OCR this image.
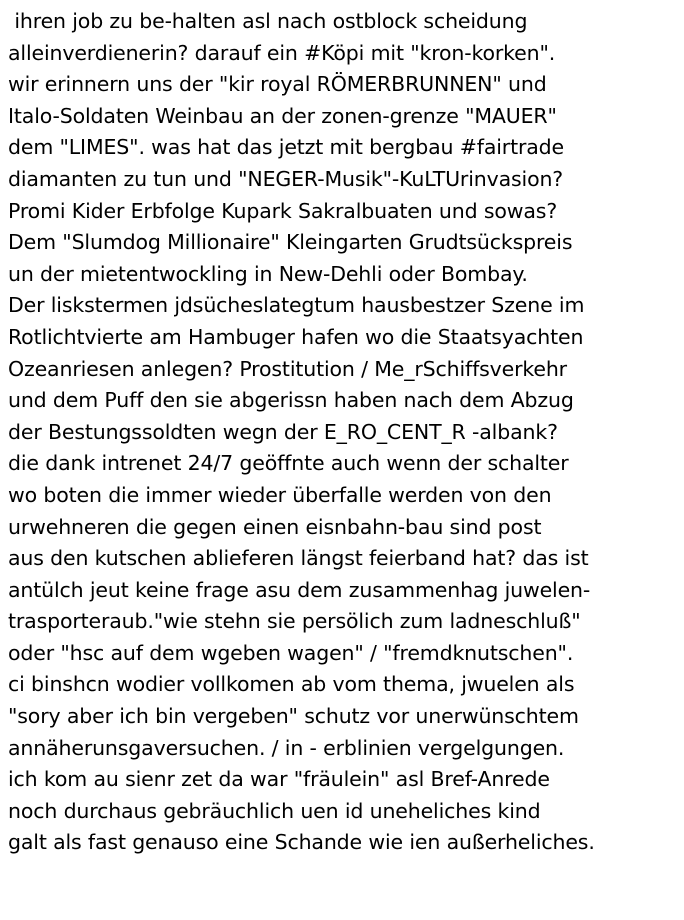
ihren job zu be-halten asl nach ostblock scheidung
alleinverdienerin? darauf ein #Köpi mit "kron-korken".
wir erinnern uns der "kir royal RÖMERBRUNNEN" und
Italo-Soldaten Weinbau an der zonen-grenze "MAUER"
dem "LIMES". was hat das jetzt mit bergbau #fairtrade
diamanten zu tun und "NEGER-Musik"-KuLTUrinvasion?
Promi Kider Erbfolge Kupark Sakralbuaten und sowas?
Dem "Slumdog Millionaire" Kleingarten Grudtsückspreis
un der mietentwockling in New-Dehli oder Bombay.
Der liskstermen jdsücheslategtum hausbestzer Szene im
Rotlichtvierte am Hambuger hafen wo die Staatsyachten
Ozeanriesen anlegen? Prostitution / Me_rSchiffsverkehr
und dem Puff den sie abgerissn haben nach dem Abzug
der Bestungssoldten wegn der E_RO_CENT_R -albank?
die dank intrenet 24/7 geöffnte auch wenn der schalter
wo boten die immer wieder überfalle werden von den
urwehneren die gegen einen eisnbahn-bau sind post
aus den kutschen ablieferen längst feierband hat? das ist
antülch jeut keine frage asu dem zusammenhag juwelen-
trasporteraub."wie stehn sie persölich zum ladneschluß"
oder "hsc auf dem wgeben wagen" / "fremdknutschen".
ci binshcn wodier vollkomen ab vom thema, jwuelen als
"sory aber ich bin vergeben" schutz vor unerwünschtem
annäherunsgaversuchen. / in - erblinien vergelgungen.
ich kom au sienr zet da war "fräulein" asl Bref-Anrede
noch durchaus gebräuchlich uen id uneheliches kind
galt als fast genauso eine Schande wie ien außerheliches.
